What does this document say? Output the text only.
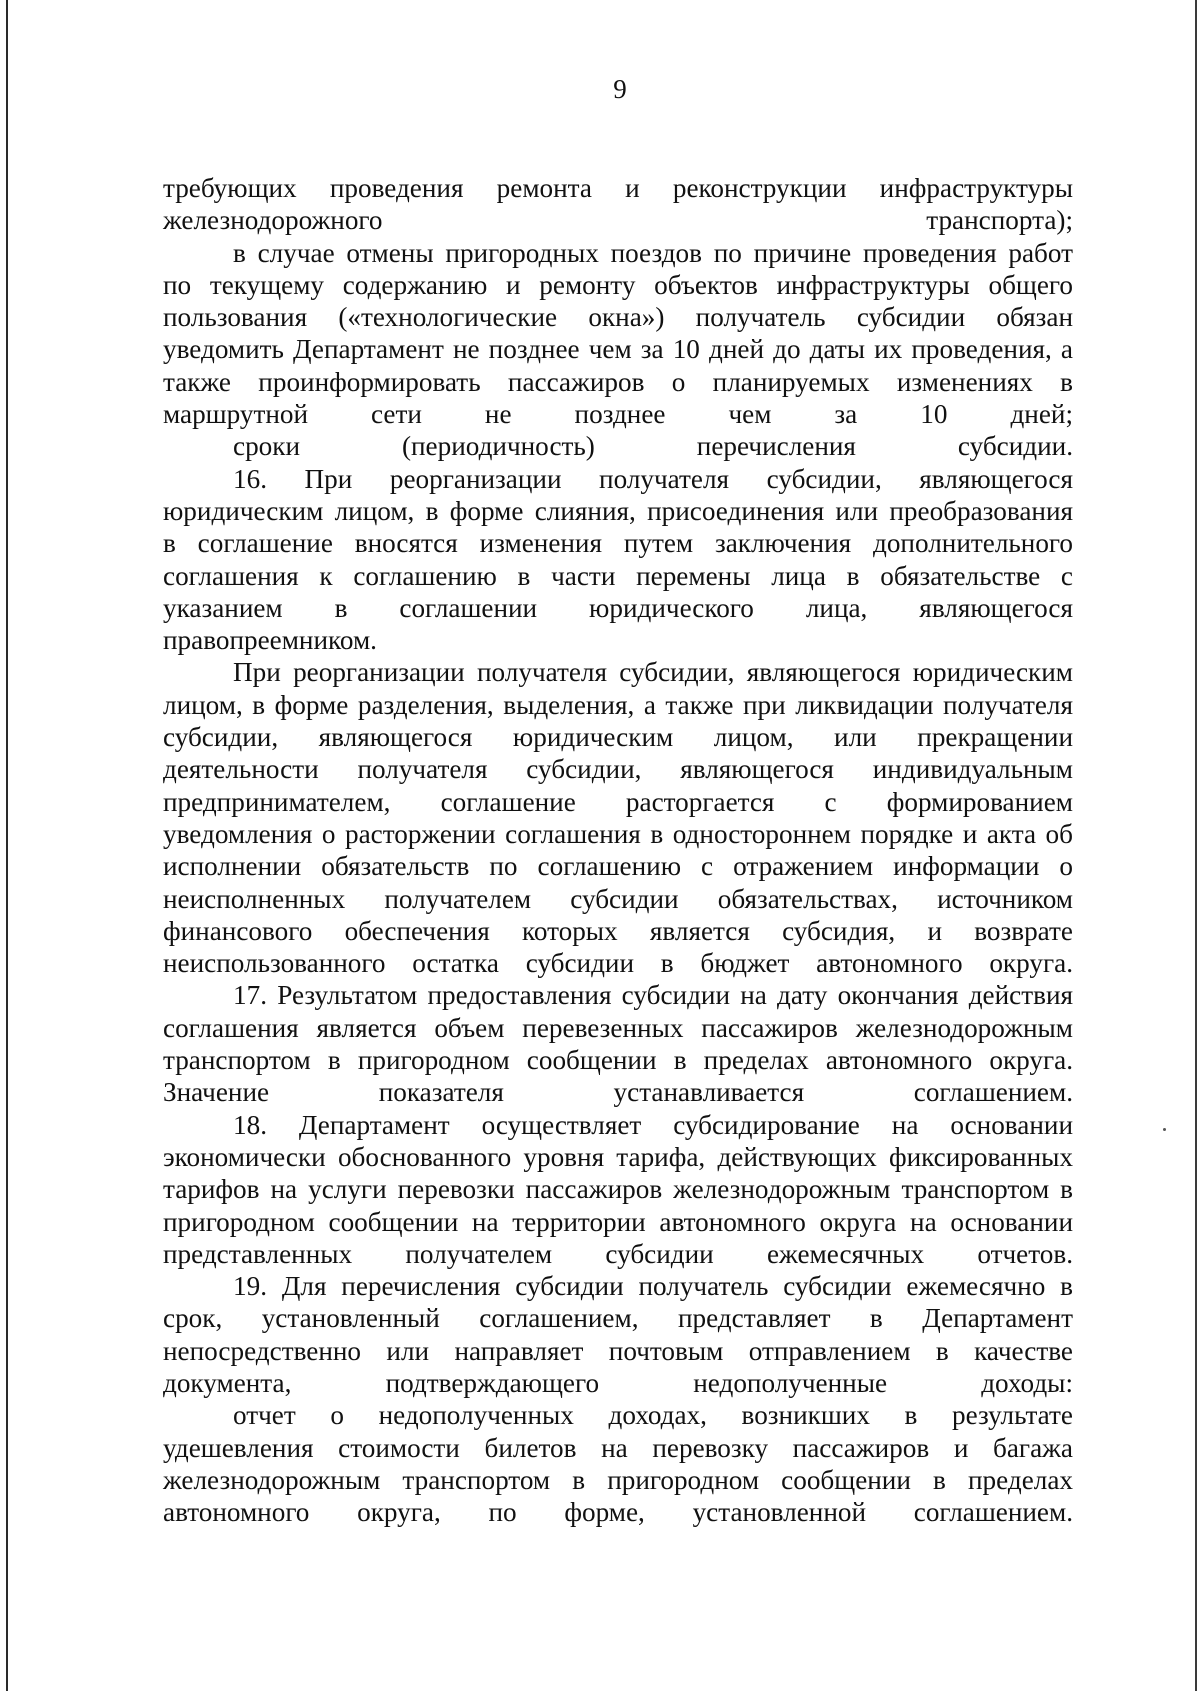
9
требующих проведения ремонта и реконструкции инфраструктуры
железнодорожного транспорта);
в случае отмены пригородных поездов по причине проведения работ
по текущему содержанию и ремонту объектов инфраструктуры общего
пользования («технологические окна») получатель субсидии обязан
уведомить Департамент не позднее чем за 10 дней до даты их проведения, а
также проинформировать пассажиров о планируемых изменениях в
маршрутной сети не позднее чем за 10 дней;
сроки (периодичность) перечисления субсидии.
16. При реорганизации получателя субсидии, являющегося
юридическим лицом, в форме слияния, присоединения или преобразования
в соглашение вносятся изменения путем заключения дополнительного
соглашения к соглашению в части перемены лица в обязательстве с
указанием в соглашении юридического лица, являющегося
правопреемником.
При реорганизации получателя субсидии, являющегося юридическим
лицом, в форме разделения, выделения, а также при ликвидации получателя
субсидии, являющегося юридическим лицом, или прекращении
деятельности получателя субсидии, являющегося индивидуальным
предпринимателем, соглашение расторгается с формированием
уведомления о расторжении соглашения в одностороннем порядке и акта об
исполнении обязательств по соглашению с отражением информации о
неисполненных получателем субсидии обязательствах, источником
финансового обеспечения которых является субсидия, и возврате
неиспользованного остатка субсидии в бюджет автономного округа.
17. Результатом предоставления субсидии на дату окончания действия
соглашения является объем перевезенных пассажиров железнодорожным
транспортом в пригородном сообщении в пределах автономного округа.
Значение показателя устанавливается соглашением.
18. Департамент осуществляет субсидирование на основании
экономически обоснованного уровня тарифа, действующих фиксированных
тарифов на услуги перевозки пассажиров железнодорожным транспортом в
пригородном сообщении на территории автономного округа на основании
представленных получателем субсидии ежемесячных отчетов.
19. Для перечисления субсидии получатель субсидии ежемесячно в
срок, установленный соглашением, представляет в Департамент
непосредственно или направляет почтовым отправлением в качестве
документа, подтверждающего недополученные доходы:
отчет о недополученных доходах, возникших в результате
удешевления стоимости билетов на перевозку пассажиров и багажа
железнодорожным транспортом в пригородном сообщении в пределах
автономного округа, по форме, установленной соглашением.
